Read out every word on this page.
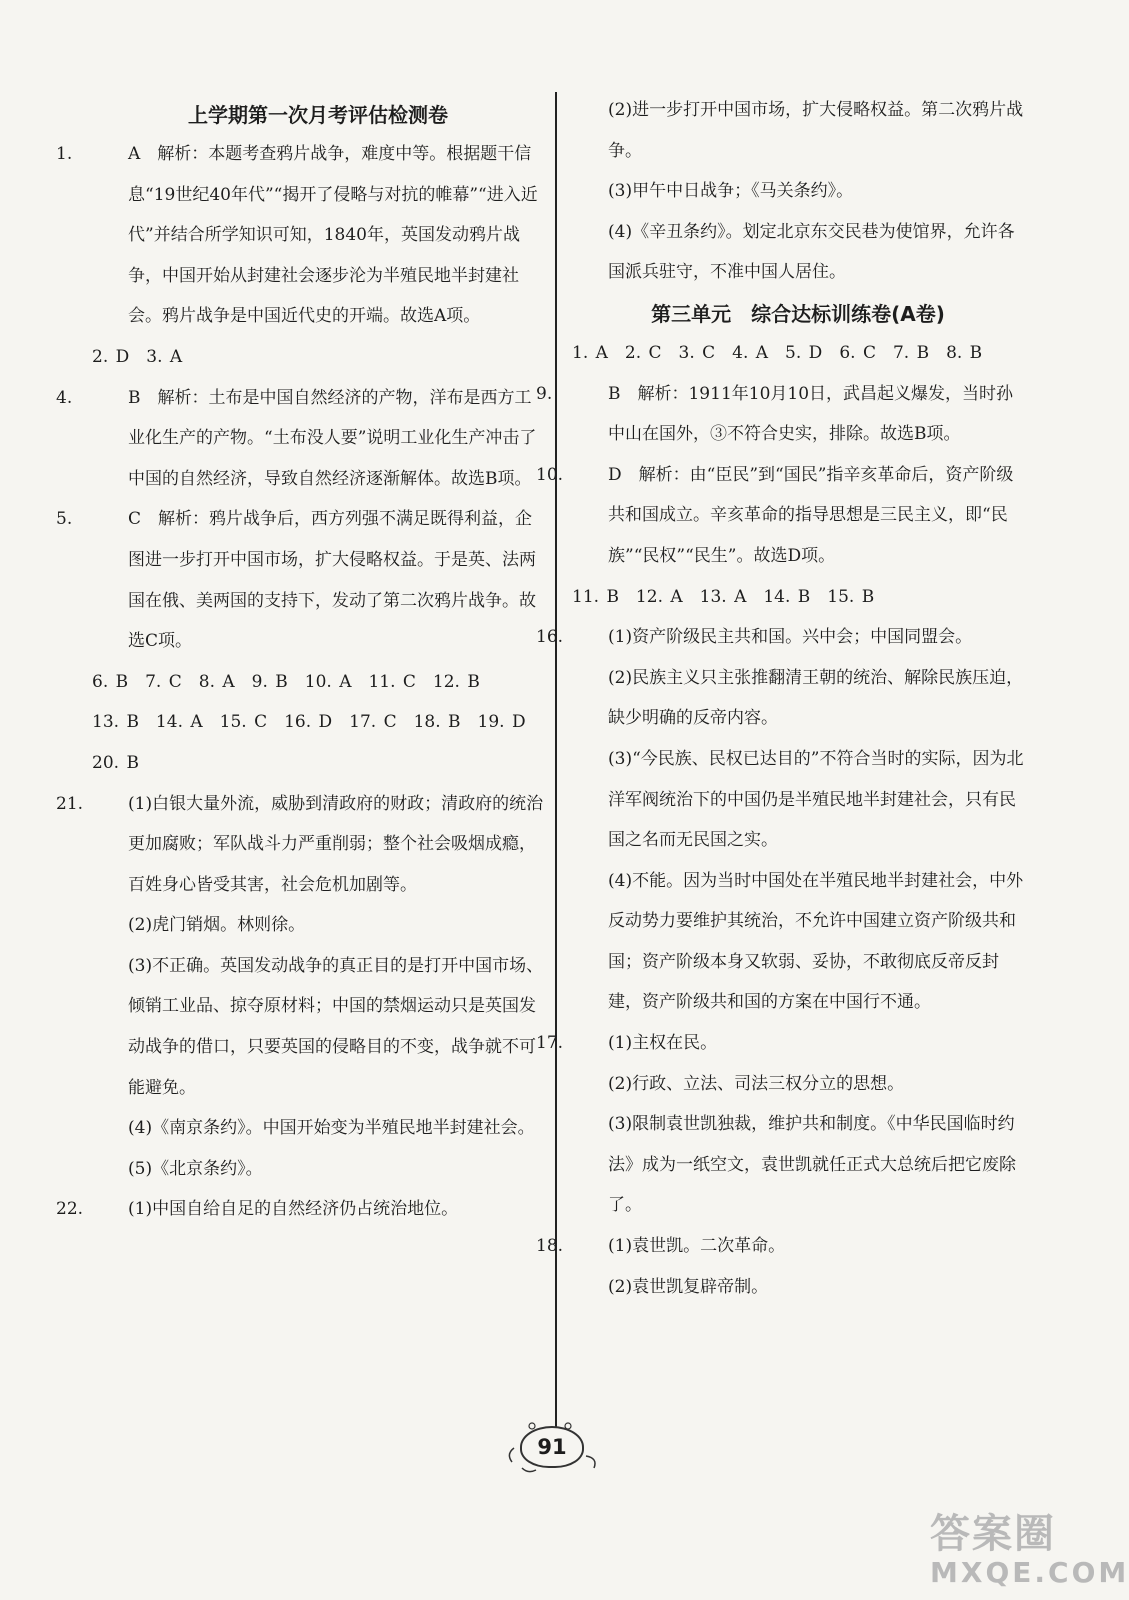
上学期第一次月考评估检测卷

1.	A　解析：本题考查鸦片战争，难度中等。根据题干信息“19世纪40年代”“揭开了侵略与对抗的帷幕”“进入近代”并结合所学知识可知，1840年，英国发动鸦片战争，中国开始从封建社会逐步沦为半殖民地半封建社会。鸦片战争是中国近代史的开端。故选A项。

2. D　3. A

4.	B　解析：土布是中国自然经济的产物，洋布是西方工业化生产的产物。“土布没人要”说明工业化生产冲击了中国的自然经济，导致自然经济逐渐解体。故选B项。

5.	C　解析：鸦片战争后，西方列强不满足既得利益，企图进一步打开中国市场，扩大侵略权益。于是英、法两国在俄、美两国的支持下，发动了第二次鸦片战争。故选C项。

6. B　7. C　8. A　9. B　10. A　11. C　12. B

13. B　14. A　15. C　16. D　17. C　18. B　19. D

20. B

21.	(1)白银大量外流，威胁到清政府的财政；清政府的统治更加腐败；军队战斗力严重削弱；整个社会吸烟成瘾，百姓身心皆受其害，社会危机加剧等。

(2)虎门销烟。林则徐。

(3)不正确。英国发动战争的真正目的是打开中国市场、倾销工业品、掠夺原材料；中国的禁烟运动只是英国发动战争的借口，只要英国的侵略目的不变，战争就不可能避免。

(4)《南京条约》。中国开始变为半殖民地半封建社会。

(5)《北京条约》。

22.	(1)中国自给自足的自然经济仍占统治地位。

(2)进一步打开中国市场，扩大侵略权益。第二次鸦片战争。

(3)甲午中日战争；《马关条约》。

(4)《辛丑条约》。划定北京东交民巷为使馆界，允许各国派兵驻守，不准中国人居住。

第三单元　综合达标训练卷(A卷)

1. A　2. C　3. C　4. A　5. D　6. C　7. B　8. B

9.	B　解析：1911年10月10日，武昌起义爆发，当时孙中山在国外，③不符合史实，排除。故选B项。

10.	D　解析：由“臣民”到“国民”指辛亥革命后，资产阶级共和国成立。辛亥革命的指导思想是三民主义，即“民族”“民权”“民生”。故选D项。

11. B　12. A　13. A　14. B　15. B

16.	(1)资产阶级民主共和国。兴中会；中国同盟会。

(2)民族主义只主张推翻清王朝的统治、解除民族压迫，缺少明确的反帝内容。

(3)“今民族、民权已达目的”不符合当时的实际，因为北洋军阀统治下的中国仍是半殖民地半封建社会，只有民国之名而无民国之实。

(4)不能。因为当时中国处在半殖民地半封建社会，中外反动势力要维护其统治，不允许中国建立资产阶级共和国；资产阶级本身又软弱、妥协，不敢彻底反帝反封建，资产阶级共和国的方案在中国行不通。

17.	(1)主权在民。

(2)行政、立法、司法三权分立的思想。

(3)限制袁世凯独裁，维护共和制度。《中华民国临时约法》成为一纸空文，袁世凯就任正式大总统后把它废除了。

18.	(1)袁世凯。二次革命。

(2)袁世凯复辟帝制。

91
答案圈
MXQE.COM
